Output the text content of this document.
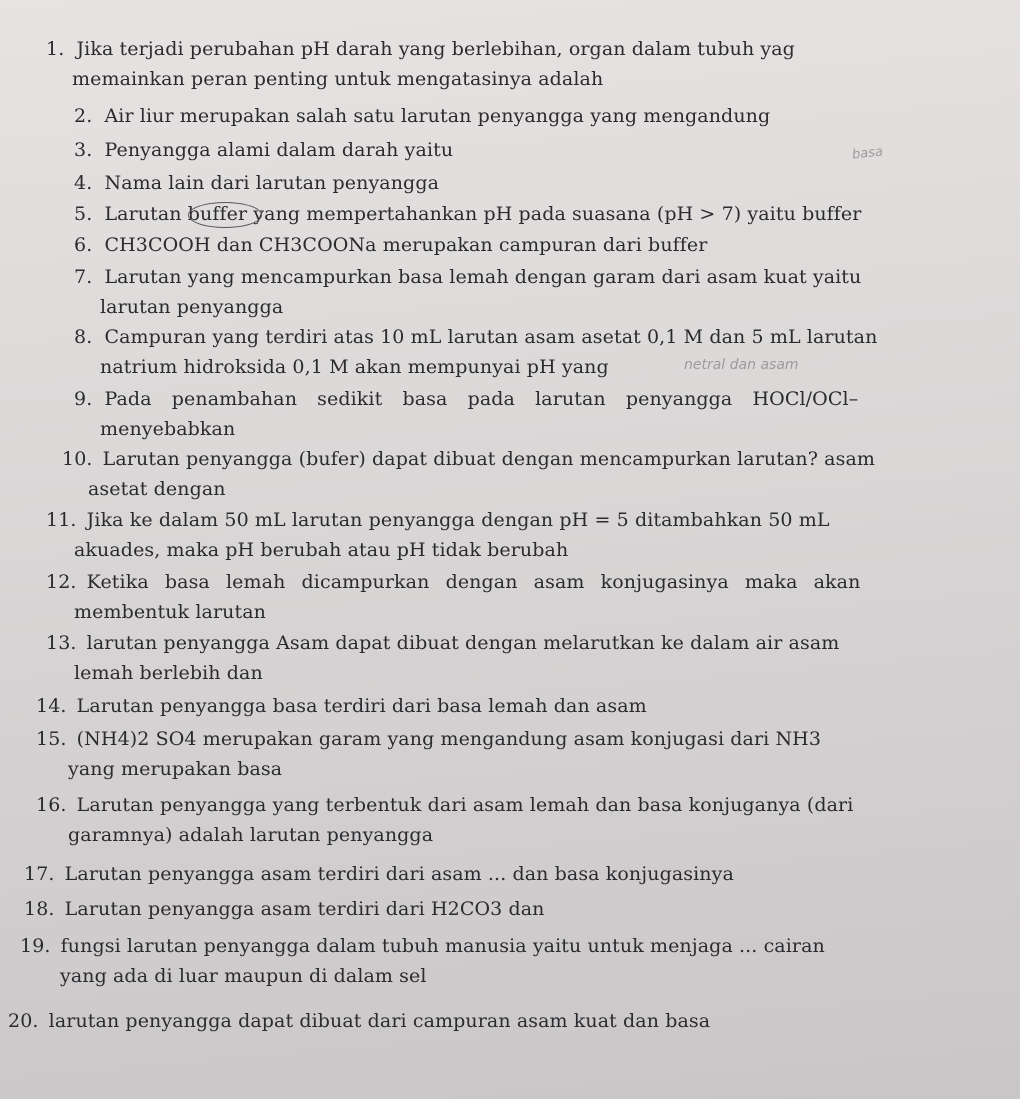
1. Jika terjadi perubahan pH darah yang berlebihan, organ dalam tubuh yag
memainkan peran penting untuk mengatasinya adalah
2. Air liur merupakan salah satu larutan penyangga yang mengandung
3. Penyangga alami dalam darah yaitu	basa
4. Nama lain dari larutan penyangga
5. Larutan buffer yang mempertahankan pH pada suasana (pH > 7) yaitu buffer
6. CH3COOH dan CH3COONa merupakan campuran dari buffer
7. Larutan yang mencampurkan basa lemah dengan garam dari asam kuat yaitu
larutan penyangga
8. Campuran yang terdiri atas 10 mL larutan asam asetat 0,1 M dan 5 mL larutan
natrium hidroksida 0,1 M akan mempunyai pH yang	netral dan asam
9. Pada penambahan sedikit basa pada larutan penyangga HOCl/OCl–
menyebabkan
10. Larutan penyangga (bufer) dapat dibuat dengan mencampurkan larutan? asam
asetat dengan
11. Jika ke dalam 50 mL larutan penyangga dengan pH = 5 ditambahkan 50 mL
akuades, maka pH berubah atau pH tidak berubah
12. Ketika basa lemah dicampurkan dengan asam konjugasinya maka akan
membentuk larutan
13. larutan penyangga Asam dapat dibuat dengan melarutkan ke dalam air asam
lemah berlebih dan
14. Larutan penyangga basa terdiri dari basa lemah dan asam
15. (NH4)2 SO4 merupakan garam yang mengandung asam konjugasi dari NH3
yang merupakan basa
16. Larutan penyangga yang terbentuk dari asam lemah dan basa konjuganya (dari
garamnya) adalah larutan penyangga
17. Larutan penyangga asam terdiri dari asam ... dan basa konjugasinya
18. Larutan penyangga asam terdiri dari H2CO3 dan
19. fungsi larutan penyangga dalam tubuh manusia yaitu untuk menjaga ... cairan
yang ada di luar maupun di dalam sel
20. larutan penyangga dapat dibuat dari campuran asam kuat dan basa
